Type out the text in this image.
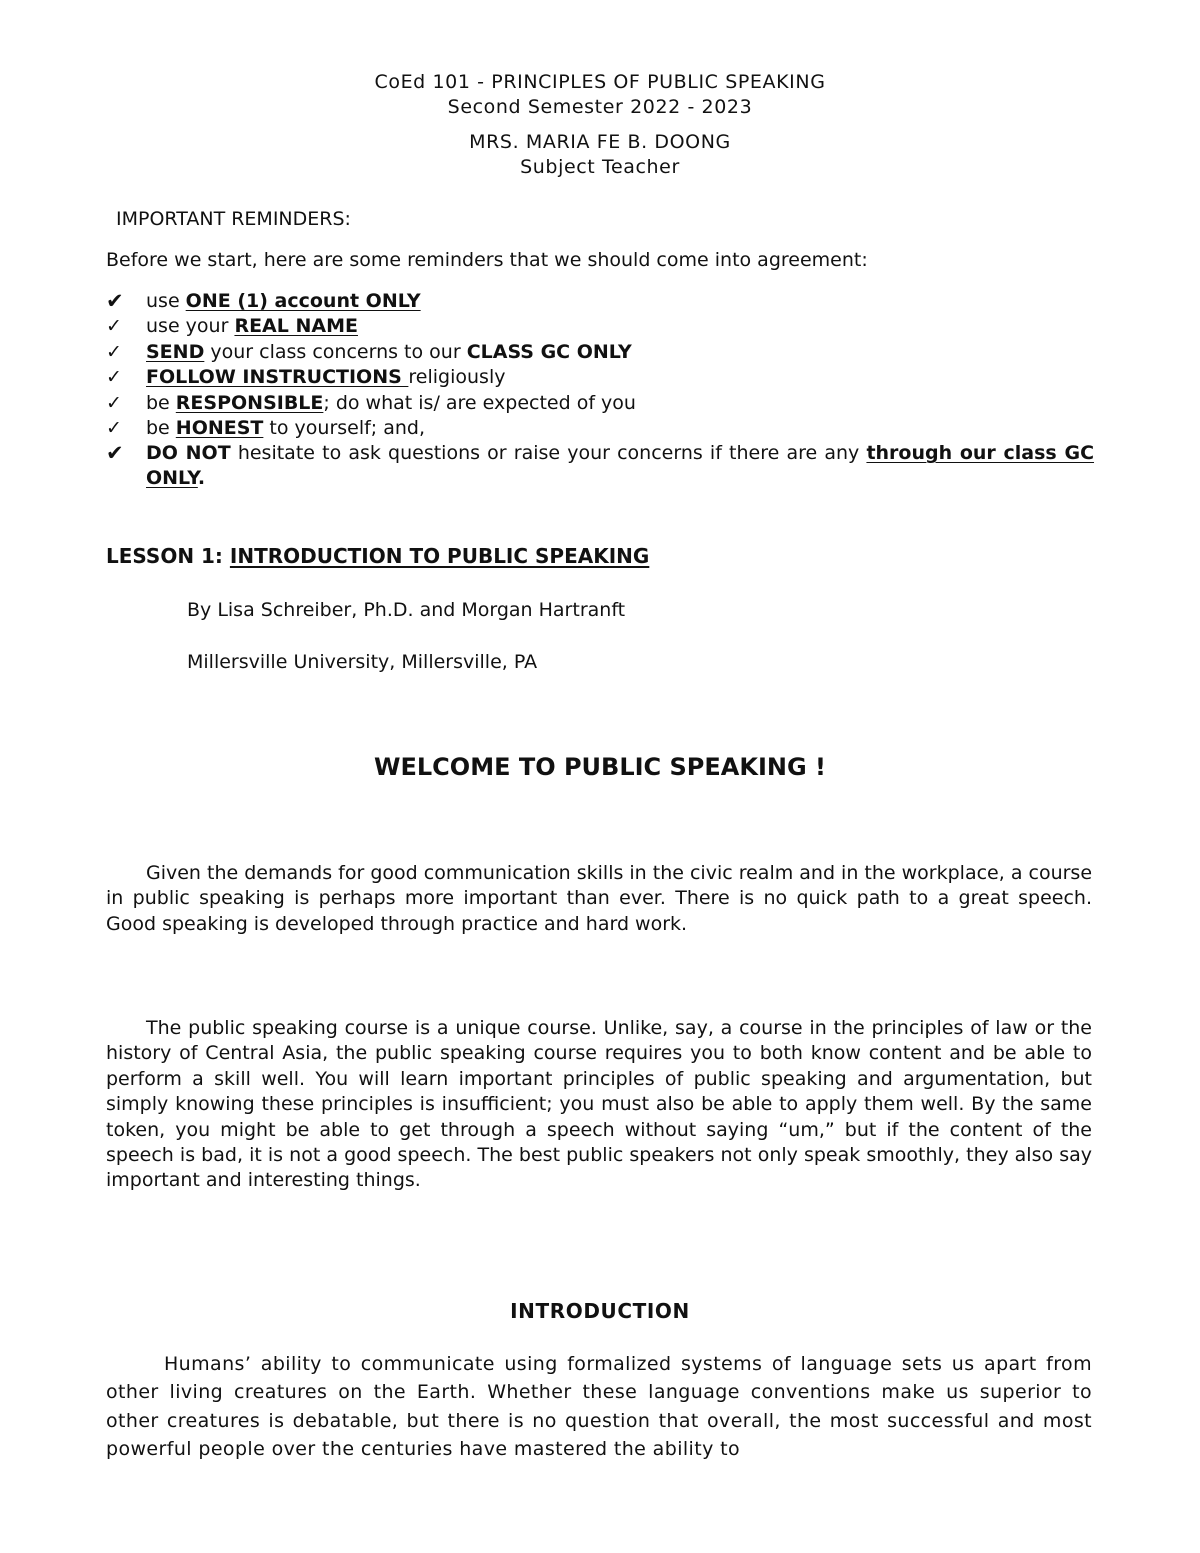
CoEd 101 - PRINCIPLES OF PUBLIC SPEAKING

Second Semester 2022 - 2023

MRS. MARIA FE B. DOONG

Subject Teacher

IMPORTANT REMINDERS:

Before we start, here are some reminders that we should come into agreement:

✔ use ONE (1) account ONLY
✓ use your REAL NAME
✓ SEND your class concerns to our CLASS GC ONLY
✓ FOLLOW INSTRUCTIONS religiously
✓ be RESPONSIBLE; do what is/ are expected of you
✓ be HONEST to yourself; and,
✔ DO NOT hesitate to ask questions or raise your concerns if there are any through our class GC ONLY.

LESSON 1: INTRODUCTION TO PUBLIC SPEAKING

By Lisa Schreiber, Ph.D. and Morgan Hartranft

Millersville University, Millersville, PA

WELCOME TO PUBLIC SPEAKING !

Given the demands for good communication skills in the civic realm and in the workplace, a course in public speaking is perhaps more important than ever. There is no quick path to a great speech. Good speaking is developed through practice and hard work.

The public speaking course is a unique course. Unlike, say, a course in the principles of law or the history of Central Asia, the public speaking course requires you to both know content and be able to perform a skill well. You will learn important principles of public speaking and argumentation, but simply knowing these principles is insufficient; you must also be able to apply them well. By the same token, you might be able to get through a speech without saying “um,” but if the content of the speech is bad, it is not a good speech. The best public speakers not only speak smoothly, they also say important and interesting things.

INTRODUCTION

Humans’ ability to communicate using formalized systems of language sets us apart from other living creatures on the Earth. Whether these language conventions make us superior to other creatures is debatable, but there is no question that overall, the most successful and most powerful people over the centuries have mastered the ability to
